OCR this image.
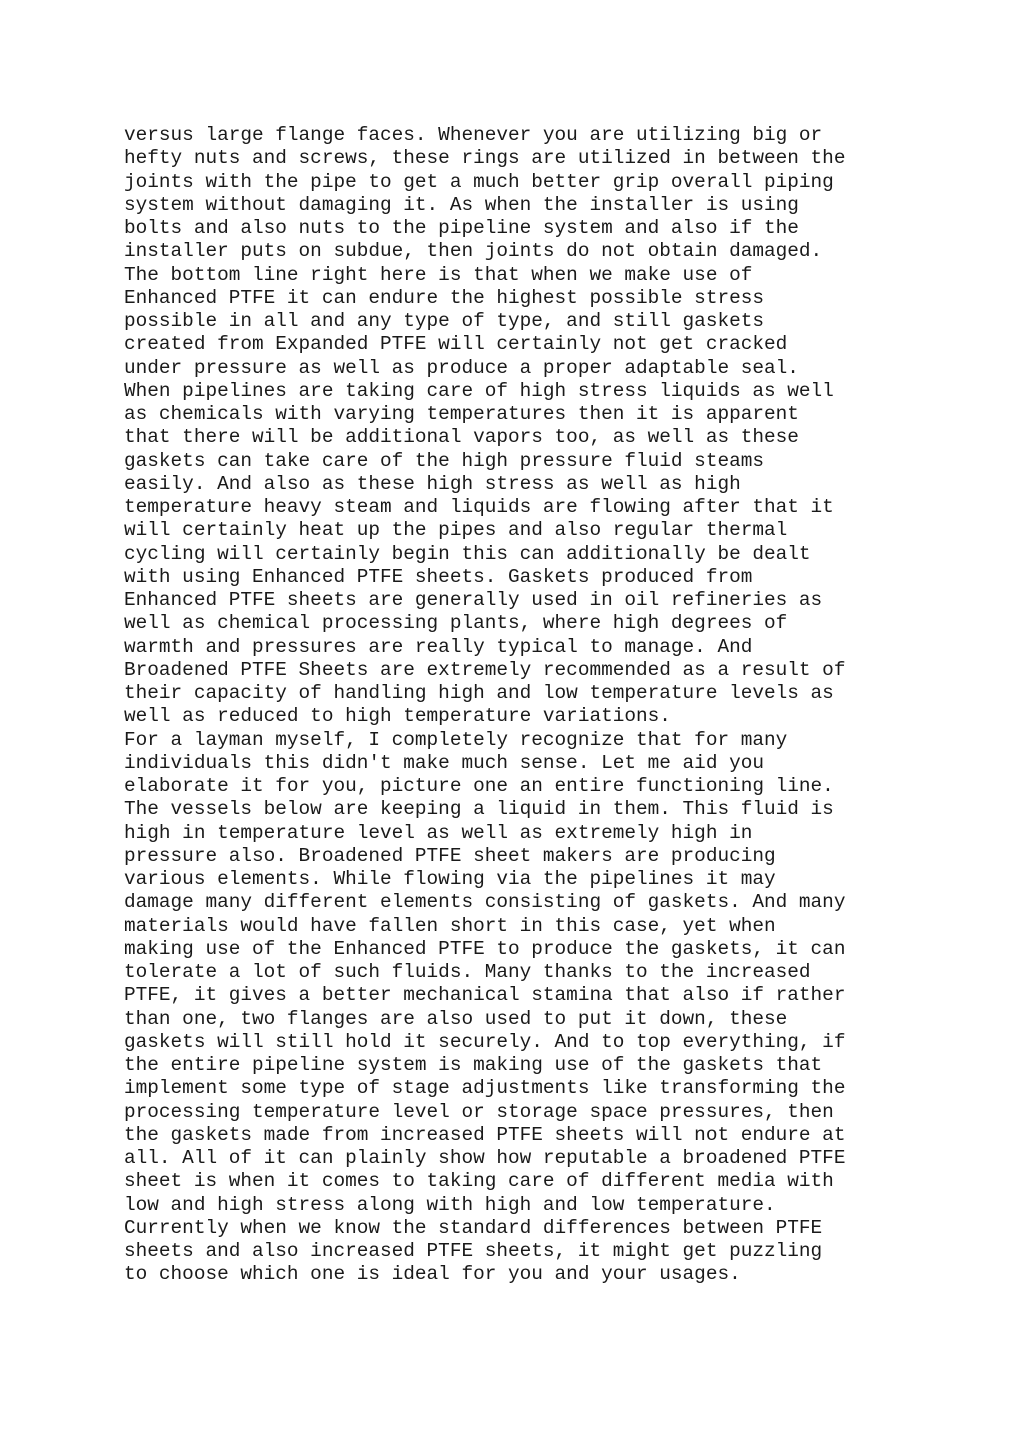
versus large flange faces. Whenever you are utilizing big or
hefty nuts and screws, these rings are utilized in between the
joints with the pipe to get a much better grip overall piping
system without damaging it. As when the installer is using
bolts and also nuts to the pipeline system and also if the
installer puts on subdue, then joints do not obtain damaged.
The bottom line right here is that when we make use of
Enhanced PTFE it can endure the highest possible stress
possible in all and any type of type, and still gaskets
created from Expanded PTFE will certainly not get cracked
under pressure as well as produce a proper adaptable seal.
When pipelines are taking care of high stress liquids as well
as chemicals with varying temperatures then it is apparent
that there will be additional vapors too, as well as these
gaskets can take care of the high pressure fluid steams
easily. And also as these high stress as well as high
temperature heavy steam and liquids are flowing after that it
will certainly heat up the pipes and also regular thermal
cycling will certainly begin this can additionally be dealt
with using Enhanced PTFE sheets. Gaskets produced from
Enhanced PTFE sheets are generally used in oil refineries as
well as chemical processing plants, where high degrees of
warmth and pressures are really typical to manage. And
Broadened PTFE Sheets are extremely recommended as a result of
their capacity of handling high and low temperature levels as
well as reduced to high temperature variations.
For a layman myself, I completely recognize that for many
individuals this didn't make much sense. Let me aid you
elaborate it for you, picture one an entire functioning line.
The vessels below are keeping a liquid in them. This fluid is
high in temperature level as well as extremely high in
pressure also. Broadened PTFE sheet makers are producing
various elements. While flowing via the pipelines it may
damage many different elements consisting of gaskets. And many
materials would have fallen short in this case, yet when
making use of the Enhanced PTFE to produce the gaskets, it can
tolerate a lot of such fluids. Many thanks to the increased
PTFE, it gives a better mechanical stamina that also if rather
than one, two flanges are also used to put it down, these
gaskets will still hold it securely. And to top everything, if
the entire pipeline system is making use of the gaskets that
implement some type of stage adjustments like transforming the
processing temperature level or storage space pressures, then
the gaskets made from increased PTFE sheets will not endure at
all. All of it can plainly show how reputable a broadened PTFE
sheet is when it comes to taking care of different media with
low and high stress along with high and low temperature.
Currently when we know the standard differences between PTFE
sheets and also increased PTFE sheets, it might get puzzling
to choose which one is ideal for you and your usages.
